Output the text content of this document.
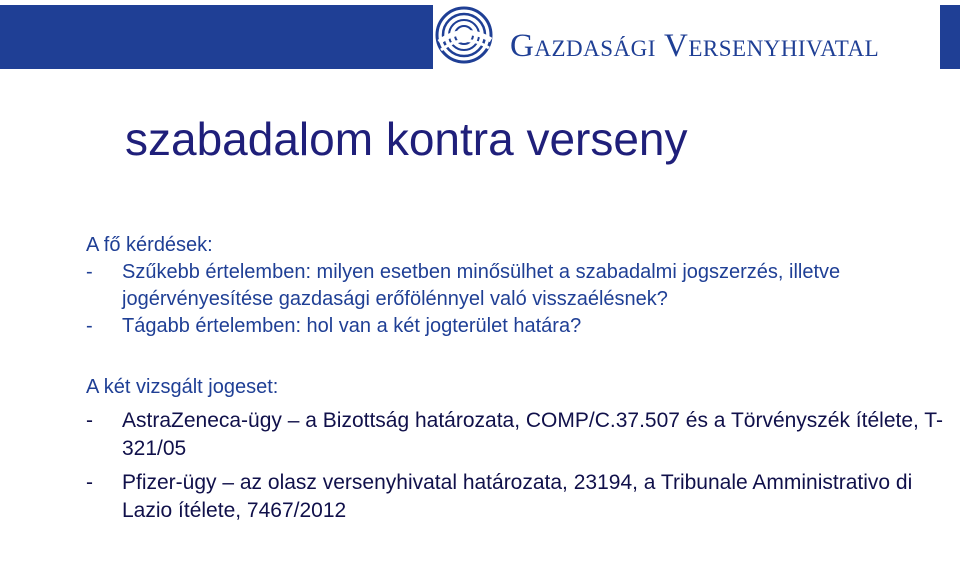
Gazdasági Versenyhivatal
szabadalom kontra verseny
A fő kérdések:
-	Szűkebb értelemben: milyen esetben minősülhet a szabadalmi jogszerzés, illetve jogérvényesítése gazdasági erőfölénnyel való visszaélésnek?
-	Tágabb értelemben: hol van a két jogterület határa?
A két vizsgált jogeset:
-	AstraZeneca-ügy – a Bizottság határozata, COMP/C.37.507 és a Törvényszék ítélete, T-321/05
-	Pfizer-ügy – az olasz versenyhivatal határozata, 23194, a Tribunale Amministrativo di Lazio ítélete, 7467/2012
